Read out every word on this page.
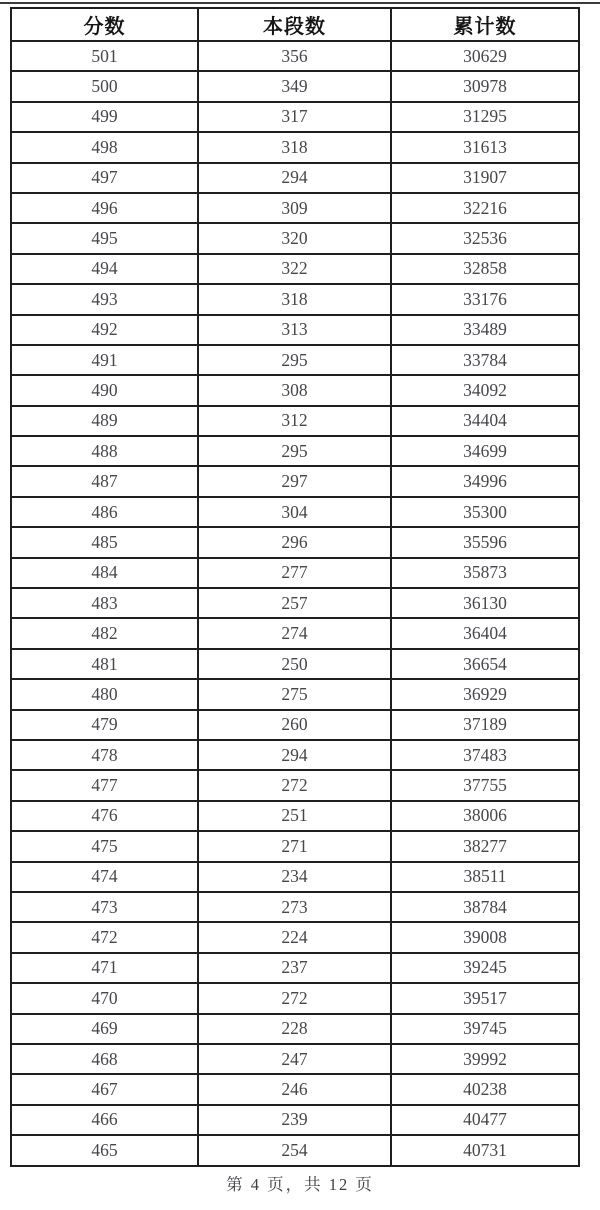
分数	本段数	累计数
501	356	30629
500	349	30978
499	317	31295
498	318	31613
497	294	31907
496	309	32216
495	320	32536
494	322	32858
493	318	33176
492	313	33489
491	295	33784
490	308	34092
489	312	34404
488	295	34699
487	297	34996
486	304	35300
485	296	35596
484	277	35873
483	257	36130
482	274	36404
481	250	36654
480	275	36929
479	260	37189
478	294	37483
477	272	37755
476	251	38006
475	271	38277
474	234	38511
473	273	38784
472	224	39008
471	237	39245
470	272	39517
469	228	39745
468	247	39992
467	246	40238
466	239	40477
465	254	40731
第 4 页，共 12 页
